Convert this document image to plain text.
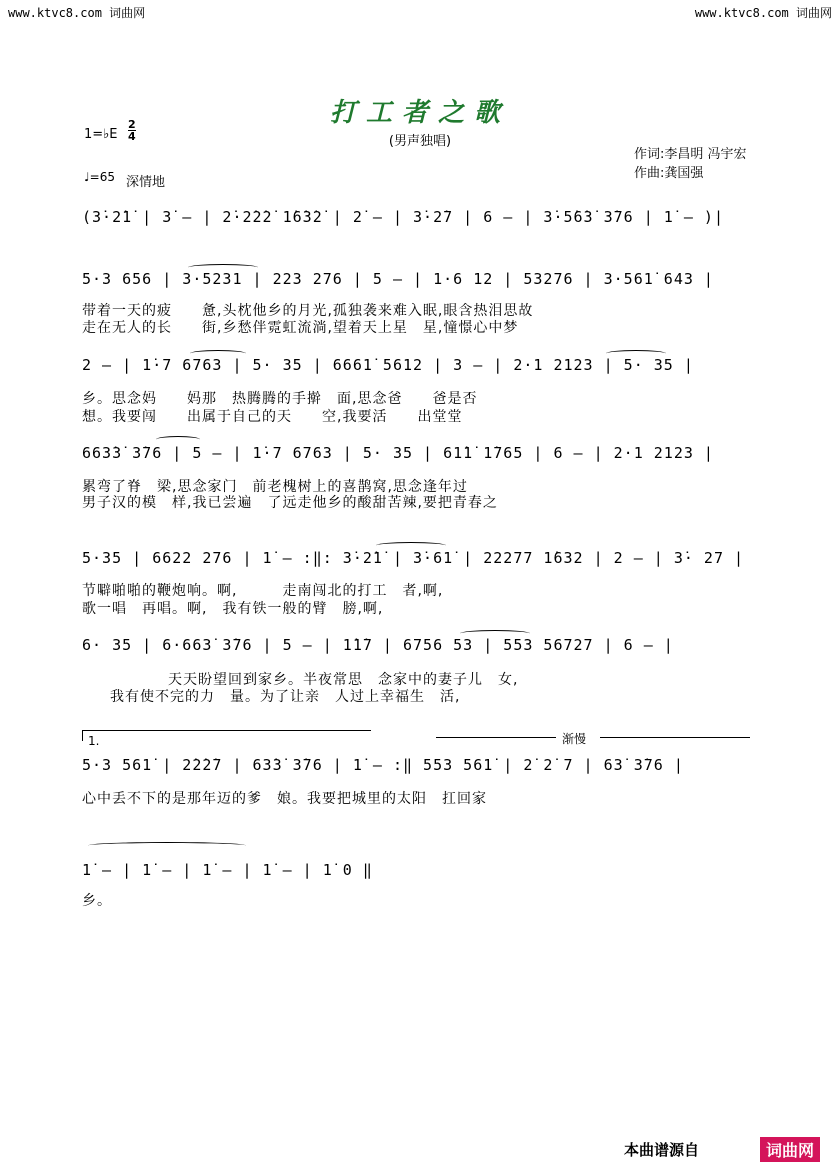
www.ktvc8.com 词曲网	www.ktvc8.com 词曲网
打工者之歌
(男声独唱)
1=♭E
2
4
♩=65 深情地
作词:李昌明 冯宇宏
作曲:龚国强
(3̇·2̇1̇ | 3̇ – | 2̇·2̇2̇2̇ 1̇6̇3̇2̇ | 2̇ – | 3̇·2̇7 | 6 – | 3̇·5̇6̇3̇ 3̇76 | 1̇ – )|
5·3 656 | 3·5231 | 223 276 | 5 – | 1·6 12 | 53276 | 3·561̇ 643 |
带着一天的疲　　惫,头枕他乡的月光,孤独袭来难入眠,眼含热泪思故
走在无人的长　　街,乡愁伴霓虹流淌,望着天上星　星,憧憬心中梦
2 – | 1̇·7 6763 | 5· 35 | 6661̇ 5612 | 3 – | 2·1 2123 | 5· 35 |
乡。思念妈　　妈那　热腾腾的手擀　面,思念爸　　爸是否
想。我要闯　　出属于自己的天　　空,我要活　　出堂堂
663̇3̇ 3̇76 | 5 – | 1̇·7 6763 | 5· 35 | 61̇1̇ 1̇765 | 6 – | 2·1 2123 |
累弯了脊　梁,思念家门　前老槐树上的喜鹊窝,思念逢年过
男子汉的模　样,我已尝遍　了远走他乡的酸甜苦辣,要把青春之
5·35 | 6622 276 | 1̇ – :‖: 3̇·2̇1̇ | 3̇·61̇ | 22277 1̇632 | 2 – | 3̇· 27 |
节噼啪啪的鞭炮响。啊,　　　走南闯北的打工　者,啊,
歌一唱　再唱。啊,　我有铁一般的臂　膀,啊,
6· 35 | 6·663̇ 3̇76 | 5 – | 1̇1̇7 | 6756 53 | 553 56727 | 6 – |
天天盼望回到家乡。半夜常思　念家中的妻子儿　女,
我有使不完的力　量。为了让亲　人过上幸福生　活,
1.	渐慢
5·3 561̇ | 2̇2̇2̇7 | 63̇3̇ 3̇76 | 1̇ – :‖ 553 561̇ | 2̇ 2̇ 7 | 63̇ 3̇76 |
心中丢不下的是那年迈的爹　娘。我要把城里的太阳　扛回家
1̇ – | 1̇ – | 1̇ – | 1̇ – | 1̇ 0 ‖
乡。
本曲谱源自	词曲网
